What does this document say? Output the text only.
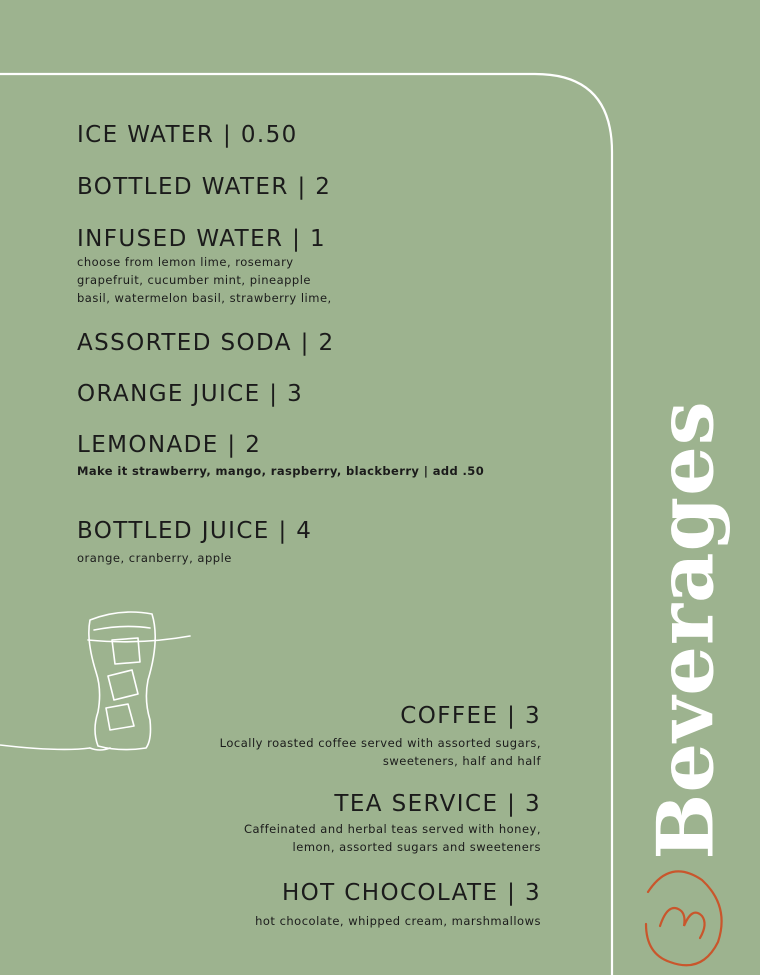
ICE WATER | 0.50
BOTTLED WATER | 2
INFUSED WATER | 1
choose from lemon lime, rosemary
grapefruit, cucumber mint, pineapple
basil, watermelon basil, strawberry lime,
ASSORTED SODA | 2
ORANGE JUICE | 3
LEMONADE | 2
Make it strawberry, mango, raspberry, blackberry | add .50
BOTTLED JUICE | 4
orange, cranberry, apple
COFFEE | 3
Locally roasted coffee served with assorted sugars,
sweeteners, half and half
TEA SERVICE | 3
Caffeinated and herbal teas served with honey,
lemon, assorted sugars and sweeteners
HOT CHOCOLATE | 3
hot chocolate, whipped cream, marshmallows
Beverages
